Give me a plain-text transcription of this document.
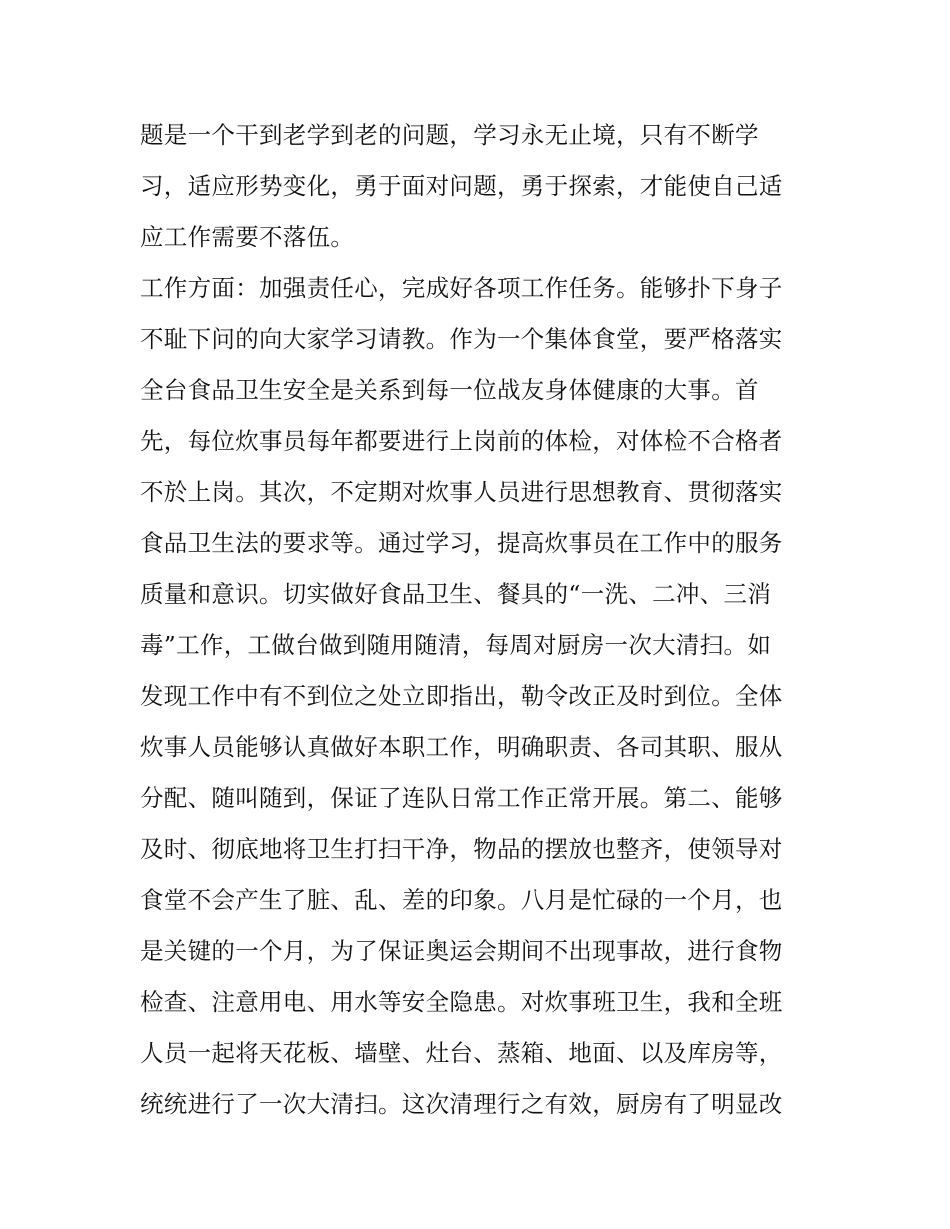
题是一个干到老学到老的问题，学习永无止境，只有不断学
习，适应形势变化，勇于面对问题，勇于探索，才能使自己适
应工作需要不落伍。
工作方面：加强责任心，完成好各项工作任务。能够扑下身子
不耻下问的向大家学习请教。作为一个集体食堂，要严格落实
全台食品卫生安全是关系到每一位战友身体健康的大事。首
先，每位炊事员每年都要进行上岗前的体检，对体检不合格者
不於上岗。其次，不定期对炊事人员进行思想教育、贯彻落实
食品卫生法的要求等。通过学习，提高炊事员在工作中的服务
质量和意识。切实做好食品卫生、餐具的“一洗、二冲、三消
毒”工作，工做台做到随用随清，每周对厨房一次大清扫。如
发现工作中有不到位之处立即指出，勒令改正及时到位。全体
炊事人员能够认真做好本职工作，明确职责、各司其职、服从
分配、随叫随到，保证了连队日常工作正常开展。第二、能够
及时、彻底地将卫生打扫干净，物品的摆放也整齐，使领导对
食堂不会产生了脏、乱、差的印象。八月是忙碌的一个月，也
是关键的一个月，为了保证奥运会期间不出现事故，进行食物
检查、注意用电、用水等安全隐患。对炊事班卫生，我和全班
人员一起将天花板、墙壁、灶台、蒸箱、地面、以及库房等，
统统进行了一次大清扫。这次清理行之有效，厨房有了明显改
